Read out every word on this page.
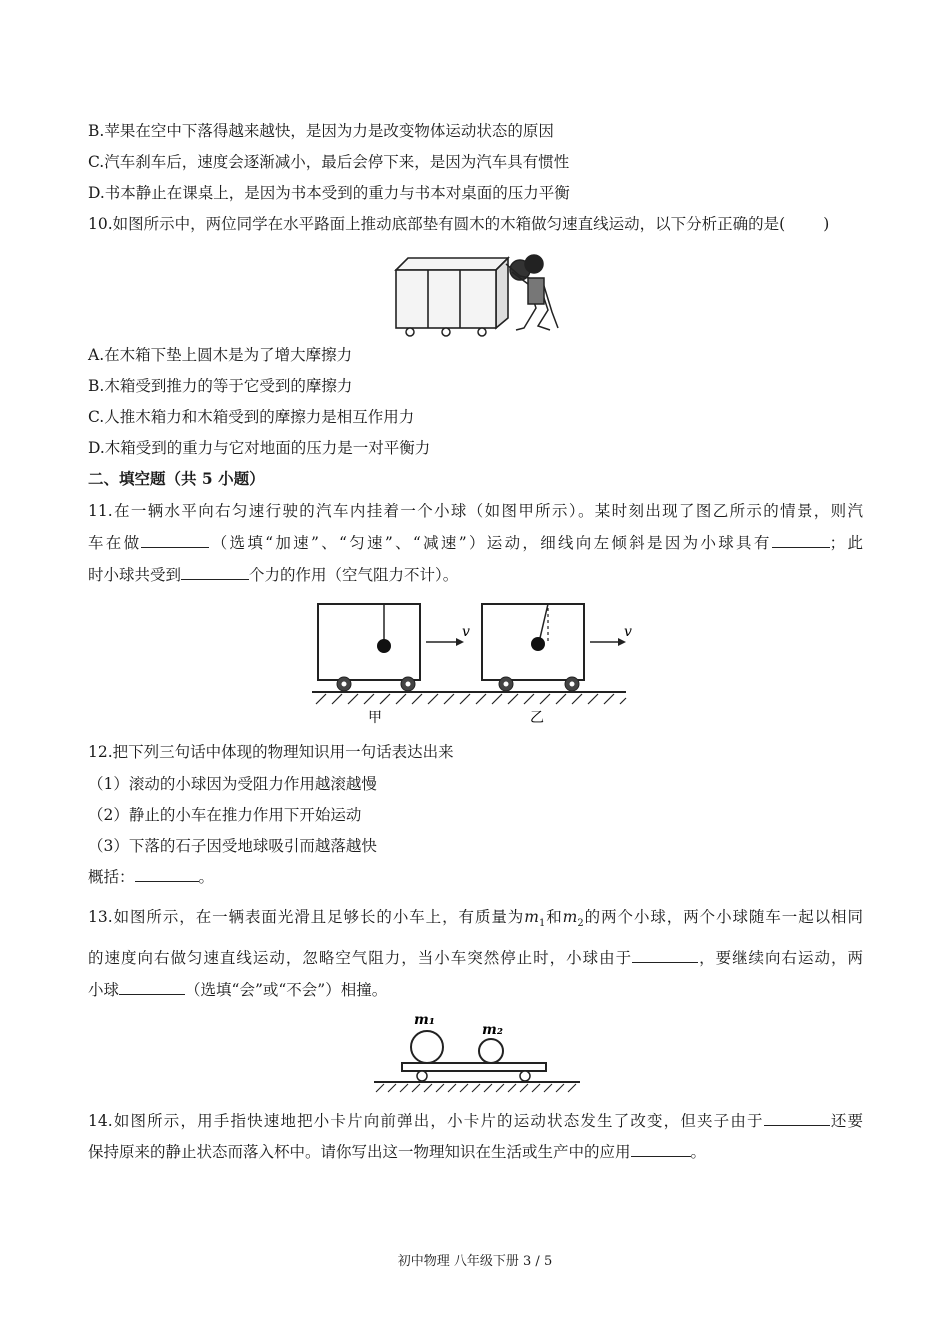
B.苹果在空中下落得越来越快，是因为力是改变物体运动状态的原因
C.汽车刹车后，速度会逐渐减小，最后会停下来，是因为汽车具有惯性
D.书本静止在课桌上，是因为书本受到的重力与书本对桌面的压力平衡
10.如图所示中，两位同学在水平路面上推动底部垫有圆木的木箱做匀速直线运动，以下分析正确的是( )
A.在木箱下垫上圆木是为了增大摩擦力
B.木箱受到推力的等于它受到的摩擦力
C.人推木箱力和木箱受到的摩擦力是相互作用力
D.木箱受到的重力与它对地面的压力是一对平衡力
二、填空题（共 5 小题）
11.在一辆水平向右匀速行驶的汽车内挂着一个小球（如图甲所示）。某时刻出现了图乙所示的情景，则汽
车在做	（选填“加速”、“匀速”、“减速”）运动，细线向左倾斜是因为小球具有	；此
时小球共受到	个力的作用（空气阻力不计）。
v	v
甲	乙
12.把下列三句话中体现的物理知识用一句话表达出来
（1）滚动的小球因为受阻力作用越滚越慢
（2）静止的小车在推力作用下开始运动
（3）下落的石子因受地球吸引而越落越快
概括：	。
13.如图所示，在一辆表面光滑且足够长的小车上，有质量为$m_1$和$m_2$的两个小球，两个小球随车一起以相同
的速度向右做匀速直线运动，忽略空气阻力，当小车突然停止时，小球由于	，要继续向右运动，两
小球	（选填“会”或“不会”）相撞。
m₁
m₂
14.如图所示，用手指快速地把小卡片向前弹出，小卡片的运动状态发生了改变，但夹子由于	还要
保持原来的静止状态而落入杯中。请你写出这一物理知识在生活或生产中的应用	。
初中物理 八年级下册 3 / 5
